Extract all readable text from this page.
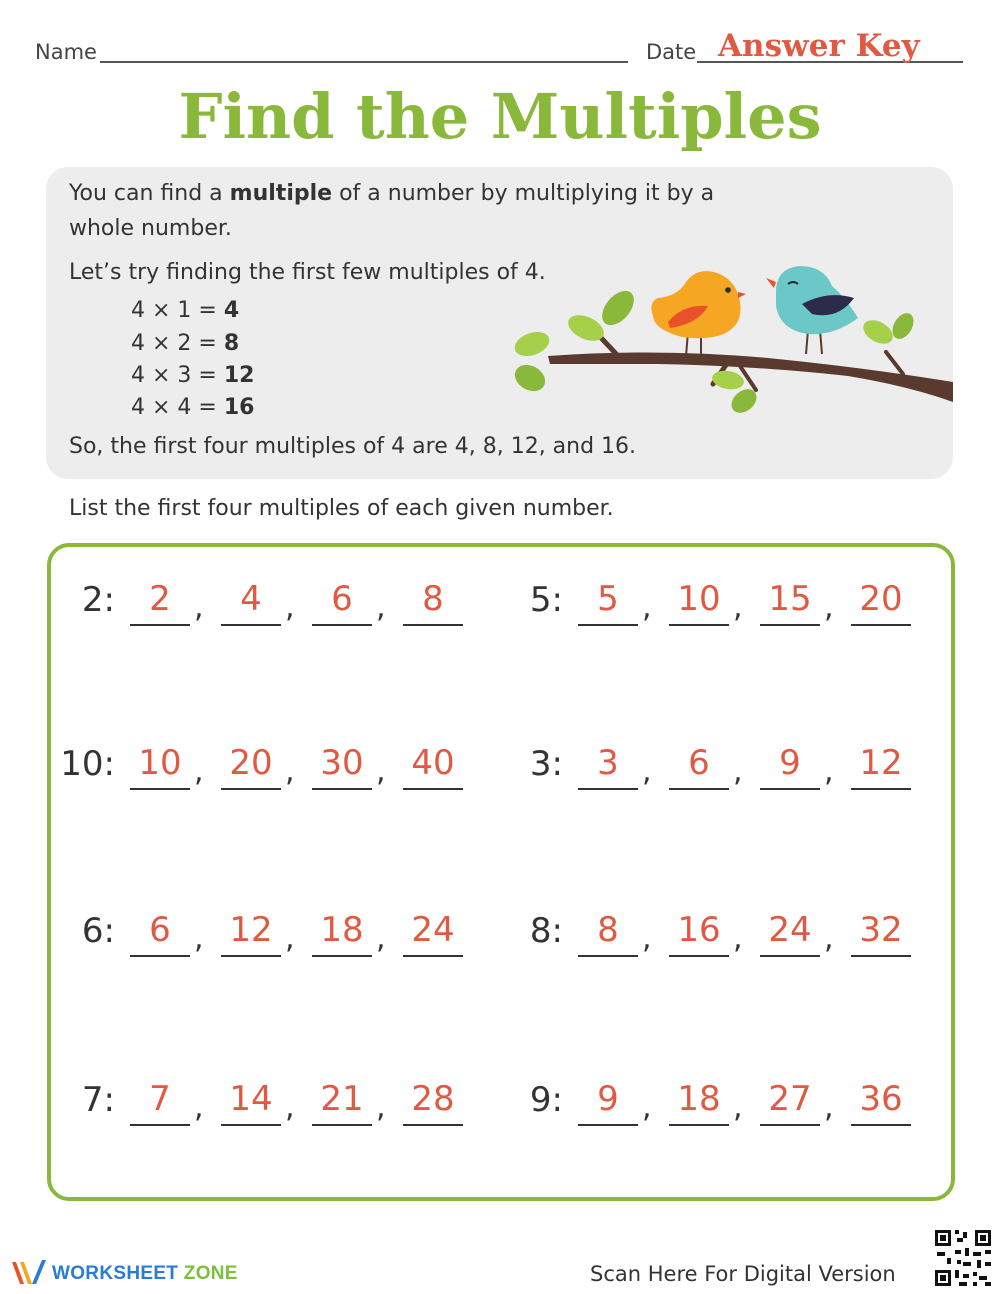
Name	Date Answer Key
Find the Multiples
You can find a multiple of a number by multiplying it by a
whole number.
Let’s try finding the first few multiples of 4.
4 × 1 = 4
4 × 2 = 8
4 × 3 = 12
4 × 4 = 16
So, the first four multiples of 4 are 4, 8, 12, and 16.
List the first four multiples of each given number.
2:	2 ,	4 ,	6 ,	8	5:	5 , 10 , 15 , 20
10: 10 , 20 , 30 , 40	3:	3 ,	6 ,	9 , 12
6:	6 , 12 , 18 , 24	8:	8 , 16 , 24 , 32
7:	7 , 14 , 21 , 28	9:	9 , 18 , 27 , 36
WORKSHEET ZONE	Scan Here For Digital Version
